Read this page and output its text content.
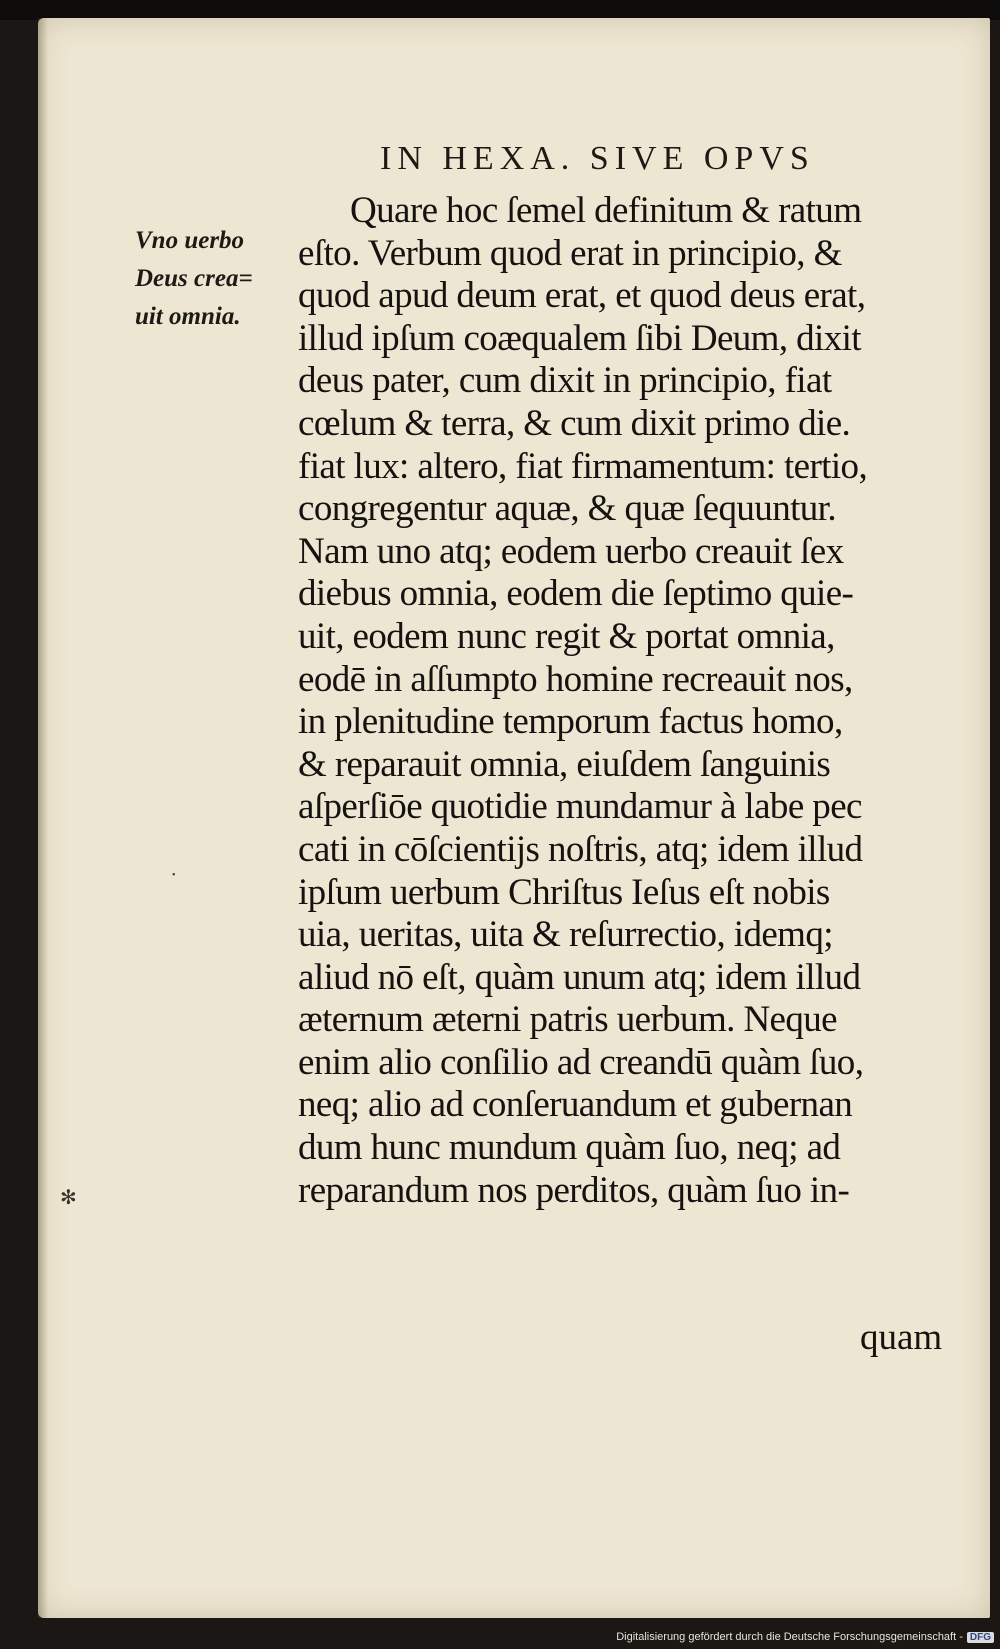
IN HEXA. SIVE OPVS
Vno uerbo
Deus crea=
uit omnia.
Quare hoc ſemel definitum & ratum
eſto. Verbum quod erat in principio, &
quod apud deum erat, et quod deus erat,
illud ipſum coæqualem ſibi Deum, dixit
deus pater, cum dixit in principio, fiat
cœlum & terra, & cum dixit primo die.
fiat lux: altero, fiat firmamentum: tertio,
congregentur aquæ, & quæ ſequuntur.
Nam uno atq; eodem uerbo creauit ſex
diebus omnia, eodem die ſeptimo quie-
uit, eodem nunc regit & portat omnia,
eodē in aſſumpto homine recreauit nos,
in plenitudine temporum factus homo,
& reparauit omnia, eiuſdem ſanguinis
aſperſiōe quotidie mundamur à labe pec
cati in cōſcientijs noſtris, atq; idem illud
ipſum uerbum Chriſtus Ieſus eſt nobis
uia, ueritas, uita & reſurrectio, idemq;
aliud nō eſt, quàm unum atq; idem illud
æternum æterni patris uerbum. Neque
enim alio conſilio ad creandū quàm ſuo,
neq; alio ad conſeruandum et gubernan
dum hunc mundum quàm ſuo, neq; ad
reparandum nos perditos, quàm ſuo in-
quam
✻
•
Digitalisierung gefördert durch die Deutsche Forschungsgemeinschaft - DFG
